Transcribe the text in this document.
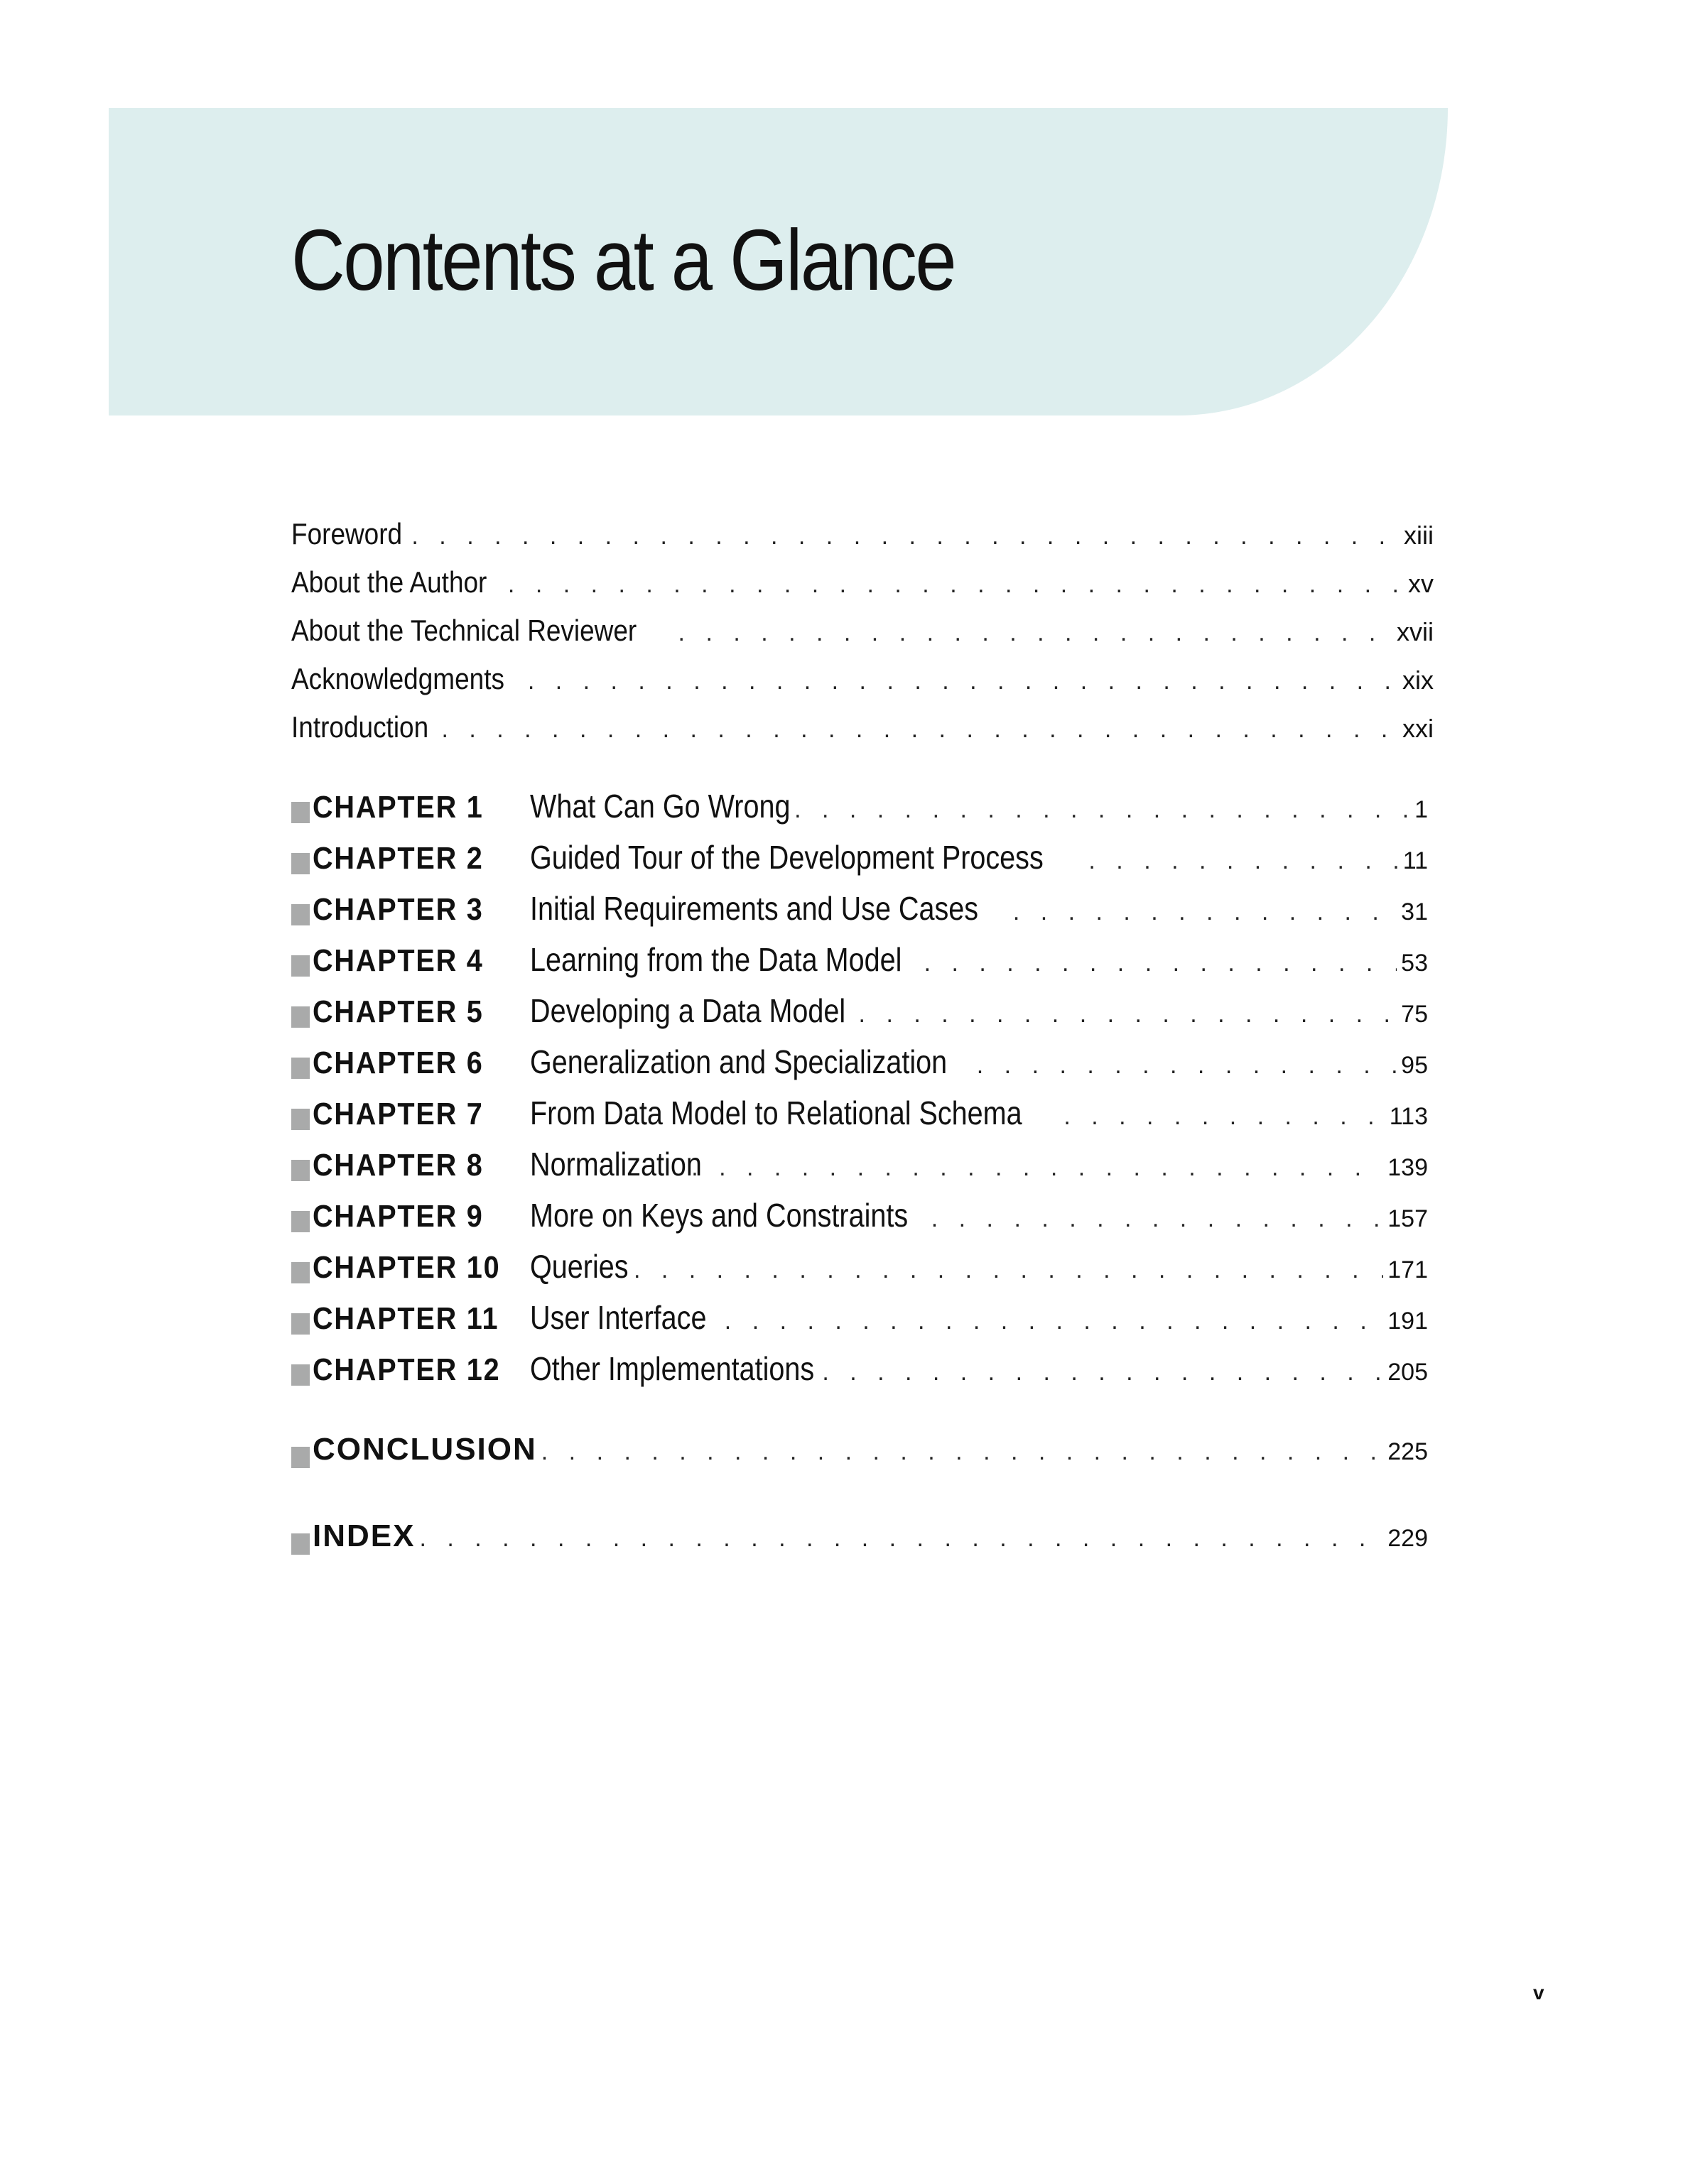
Contents at a Glance
Foreword . . .	xiii
About the Author . . .	xv
About the Technical Reviewer . . .	xvii
Acknowledgments . . .	xix
Introduction . . .	xxi
CHAPTER 1	What Can Go Wrong . . .	1
CHAPTER 2	Guided Tour of the Development Process . . .	11
CHAPTER 3	Initial Requirements and Use Cases . . .	31
CHAPTER 4	Learning from the Data Model . . .	53
CHAPTER 5	Developing a Data Model . . .	75
CHAPTER 6	Generalization and Specialization . . .	95
CHAPTER 7	From Data Model to Relational Schema . . .	113
CHAPTER 8	Normalization . . .	139
CHAPTER 9	More on Keys and Constraints . . .	157
CHAPTER 10 Queries . . .	171
CHAPTER 11 User Interface . . .	191
CHAPTER 12 Other Implementations . . .	205
CONCLUSION . . .	225
INDEX . . .	229
v
